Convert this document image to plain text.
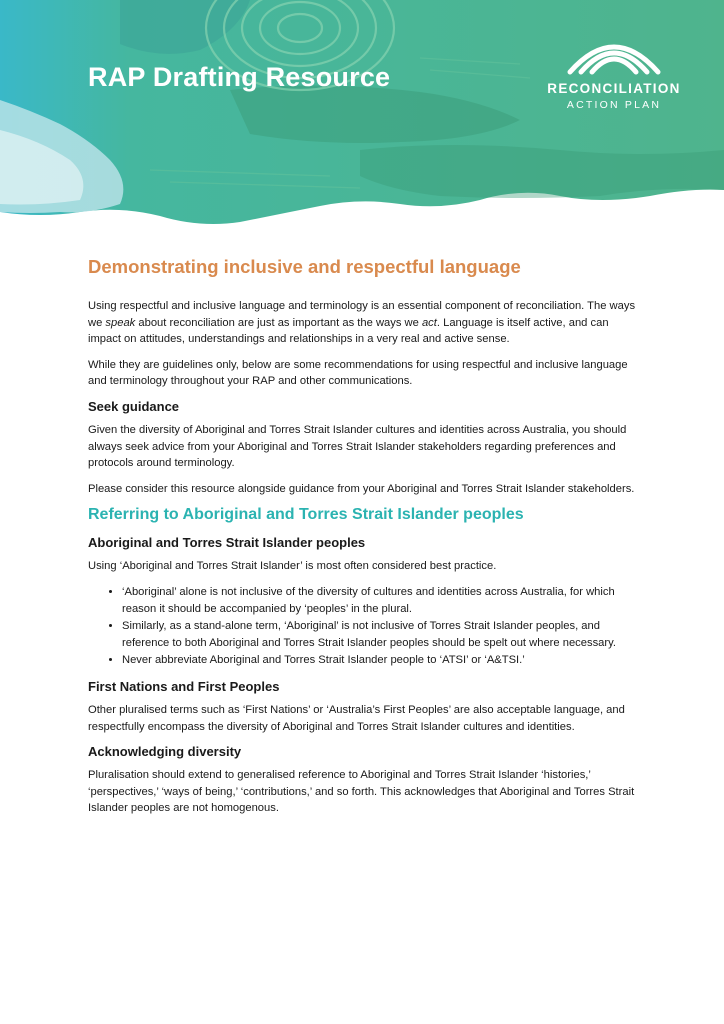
RAP Drafting Resource	RECONCILIATION
ACTION PLAN
Demonstrating inclusive and respectful language

Using respectful and inclusive language and terminology is an essential component of reconciliation. The ways we speak about reconciliation are just as important as the ways we act. Language is itself active, and can impact on attitudes, understandings and relationships in a very real and active sense.

While they are guidelines only, below are some recommendations for using respectful and inclusive language and terminology throughout your RAP and other communications.

Seek guidance

Given the diversity of Aboriginal and Torres Strait Islander cultures and identities across Australia, you should always seek advice from your Aboriginal and Torres Strait Islander stakeholders regarding preferences and protocols around terminology.

Please consider this resource alongside guidance from your Aboriginal and Torres Strait Islander stakeholders.

Referring to Aboriginal and Torres Strait Islander peoples
Aboriginal and Torres Strait Islander peoples

Using ‘Aboriginal and Torres Strait Islander’ is most often considered best practice.

• ‘Aboriginal’ alone is not inclusive of the diversity of cultures and identities across Australia, for which reason it should be accompanied by ‘peoples’ in the plural.
• Similarly, as a stand-alone term, ‘Aboriginal’ is not inclusive of Torres Strait Islander peoples, and reference to both Aboriginal and Torres Strait Islander peoples should be spelt out where necessary.
• Never abbreviate Aboriginal and Torres Strait Islander people to ‘ATSI’ or ‘A&TSI.’
First Nations and First Peoples

Other pluralised terms such as ‘First Nations’ or ‘Australia’s First Peoples’ are also acceptable language, and respectfully encompass the diversity of Aboriginal and Torres Strait Islander cultures and identities.

Acknowledging diversity

Pluralisation should extend to generalised reference to Aboriginal and Torres Strait Islander ‘histories,’ ‘perspectives,’ ‘ways of being,’ ‘contributions,’ and so forth. This acknowledges that Aboriginal and Torres Strait Islander peoples are not homogenous.
